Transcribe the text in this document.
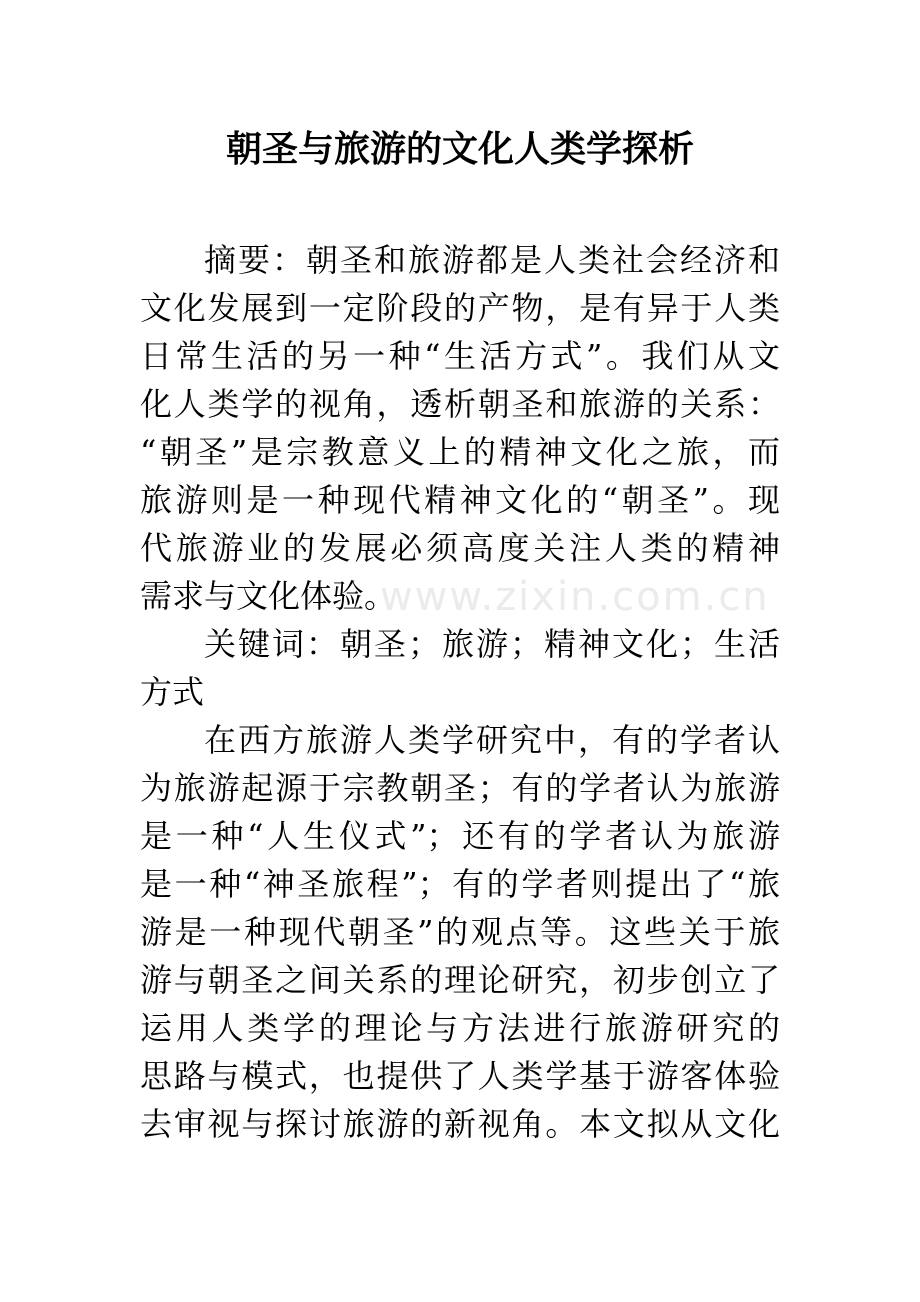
朝圣与旅游的文化人类学探析
www.zixin.com.cn
摘要：朝圣和旅游都是人类社会经济和
文化发展到一定阶段的产物，是有异于人类
日常生活的另一种“生活方式”。我们从文
化人类学的视角，透析朝圣和旅游的关系：
“朝圣”是宗教意义上的精神文化之旅，而
旅游则是一种现代精神文化的“朝圣”。现
代旅游业的发展必须高度关注人类的精神
需求与文化体验。
关键词：朝圣；旅游；精神文化；生活
方式
在西方旅游人类学研究中，有的学者认
为旅游起源于宗教朝圣；有的学者认为旅游
是一种“人生仪式”；还有的学者认为旅游
是一种“神圣旅程”；有的学者则提出了“旅
游是一种现代朝圣”的观点等。这些关于旅
游与朝圣之间关系的理论研究，初步创立了
运用人类学的理论与方法进行旅游研究的
思路与模式，也提供了人类学基于游客体验
去审视与探讨旅游的新视角。本文拟从文化
